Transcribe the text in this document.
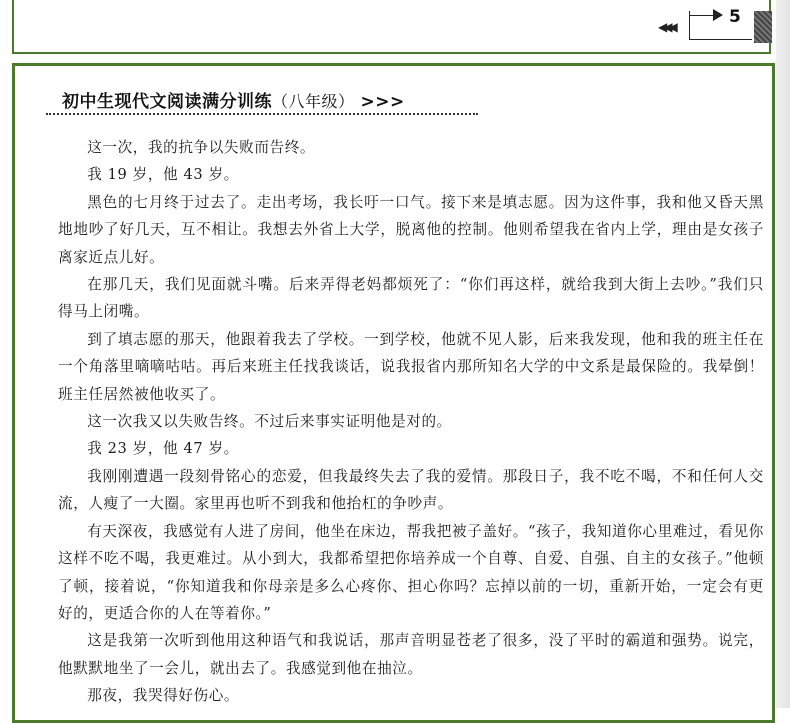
◀◀◀	5
初中生现代文阅读满分训练（八年级） >>>

这一次，我的抗争以失败而告终。

我 19 岁，他 43 岁。

黑色的七月终于过去了。走出考场，我长吁一口气。接下来是填志愿。因为这件事，我和他又昏天黑地地吵了好几天，互不相让。我想去外省上大学，脱离他的控制。他则希望我在省内上学，理由是女孩子离家近点儿好。

在那几天，我们见面就斗嘴。后来弄得老妈都烦死了：“你们再这样，就给我到大街上去吵。”我们只得马上闭嘴。

到了填志愿的那天，他跟着我去了学校。一到学校，他就不见人影，后来我发现，他和我的班主任在一个角落里嘀嘀咕咕。再后来班主任找我谈话，说我报省内那所知名大学的中文系是最保险的。我晕倒！班主任居然被他收买了。

这一次我又以失败告终。不过后来事实证明他是对的。

我 23 岁，他 47 岁。

我刚刚遭遇一段刻骨铭心的恋爱，但我最终失去了我的爱情。那段日子，我不吃不喝，不和任何人交流，人瘦了一大圈。家里再也听不到我和他抬杠的争吵声。

有天深夜，我感觉有人进了房间，他坐在床边，帮我把被子盖好。“孩子，我知道你心里难过，看见你这样不吃不喝，我更难过。从小到大，我都希望把你培养成一个自尊、自爱、自强、自主的女孩子。”他顿了顿，接着说，“你知道我和你母亲是多么心疼你、担心你吗？忘掉以前的一切，重新开始，一定会有更好的，更适合你的人在等着你。”

这是我第一次听到他用这种语气和我说话，那声音明显苍老了很多，没了平时的霸道和强势。说完，他默默地坐了一会儿，就出去了。我感觉到他在抽泣。

那夜，我哭得好伤心。
